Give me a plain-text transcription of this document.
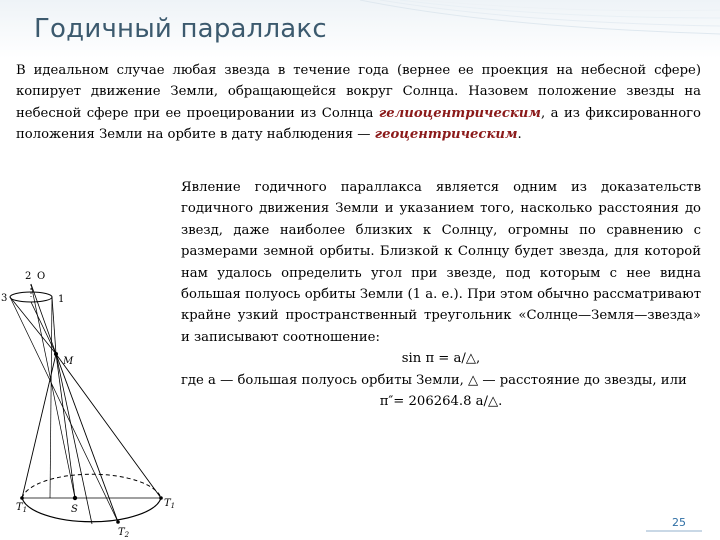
Годичный параллакс
В идеальном случае любая звезда в течение года (вернее ее проекция на небесной сфере) копирует движение Земли, обращающейся вокруг Солнца. Назовем положение звезды на небесной сфере при ее проецировании из Солнца гелиоцентрическим, а из фиксированного положения Земли на орбите в дату наблюдения — геоцентрическим.
Явление годичного параллакса является одним из доказательств годичного движения Земли и указанием того, насколько расстояния до звезд, даже наиболее близких к Солнцу, огромны по сравнению с размерами земной орбиты. Близкой к Солнцу будет звезда, для которой нам удалось определить угол при звезде, под которым с нее видна большая полуось орбиты Земли (1 а. е.). При этом обычно рассматривают крайне узкий пространственный треугольник «Солнце—Земля—звезда» и записывают соотношение:
sin π = a/△,
где a — большая полуось орбиты Земли, △ — расстояние до звезды, или
π″= 206264.8 a/△.
2 O
3	1
M
$T_1$
$T_1$
S
$T_2$
25
